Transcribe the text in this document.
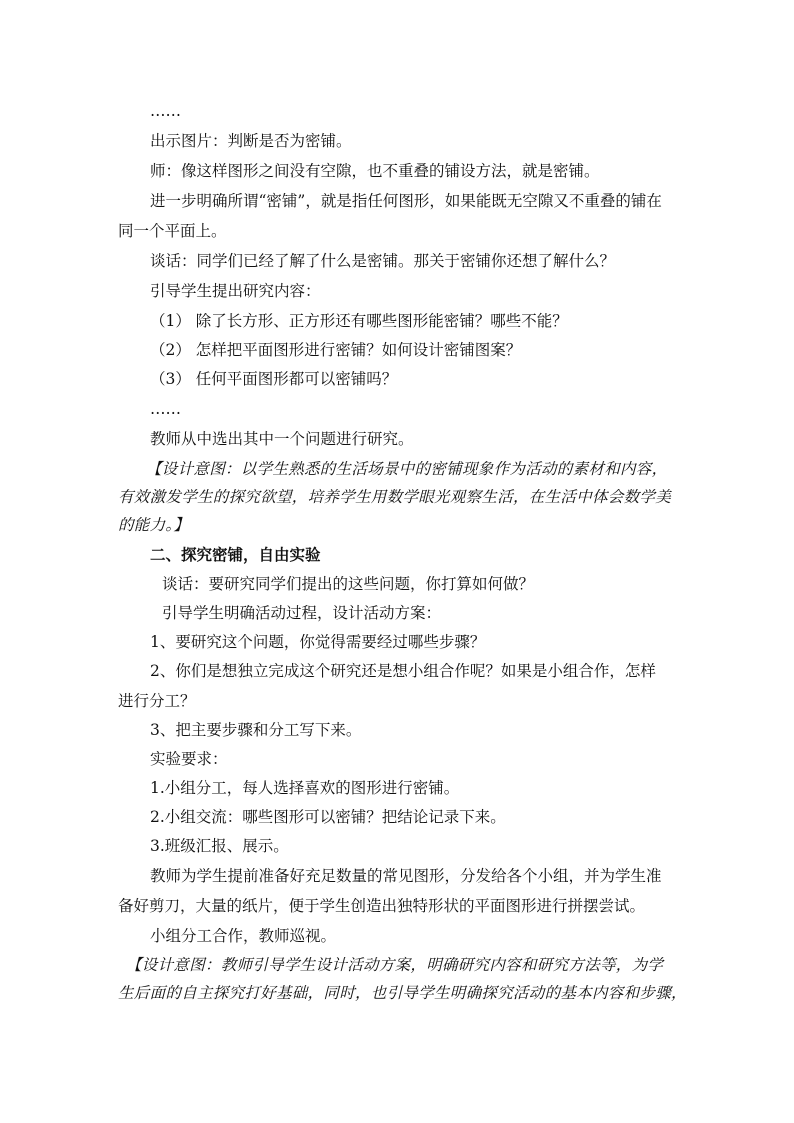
……
出示图片：判断是否为密铺。
师：像这样图形之间没有空隙，也不重叠的铺设方法，就是密铺。
进一步明确所谓“密铺”，就是指任何图形，如果能既无空隙又不重叠的铺在
同一个平面上。
谈话：同学们已经了解了什么是密铺。那关于密铺你还想了解什么？
引导学生提出研究内容：
（1） 除了长方形、正方形还有哪些图形能密铺？哪些不能？
（2） 怎样把平面图形进行密铺？如何设计密铺图案？
（3） 任何平面图形都可以密铺吗？
……
教师从中选出其中一个问题进行研究。
【设计意图：以学生熟悉的生活场景中的密铺现象作为活动的素材和内容，
有效激发学生的探究欲望，培养学生用数学眼光观察生活，在生活中体会数学美
的能力。】
二、探究密铺，自由实验
谈话：要研究同学们提出的这些问题，你打算如何做？
引导学生明确活动过程，设计活动方案：
1、要研究这个问题，你觉得需要经过哪些步骤？
2、你们是想独立完成这个研究还是想小组合作呢？如果是小组合作，怎样
进行分工？
3、把主要步骤和分工写下来。
实验要求：
1.小组分工，每人选择喜欢的图形进行密铺。
2.小组交流：哪些图形可以密铺？把结论记录下来。
3.班级汇报、展示。
教师为学生提前准备好充足数量的常见图形，分发给各个小组，并为学生准
备好剪刀，大量的纸片，便于学生创造出独特形状的平面图形进行拼摆尝试。
小组分工合作，教师巡视。
【设计意图：教师引导学生设计活动方案，明确研究内容和研究方法等，为学
生后面的自主探究打好基础，同时，也引导学生明确探究活动的基本内容和步骤，
